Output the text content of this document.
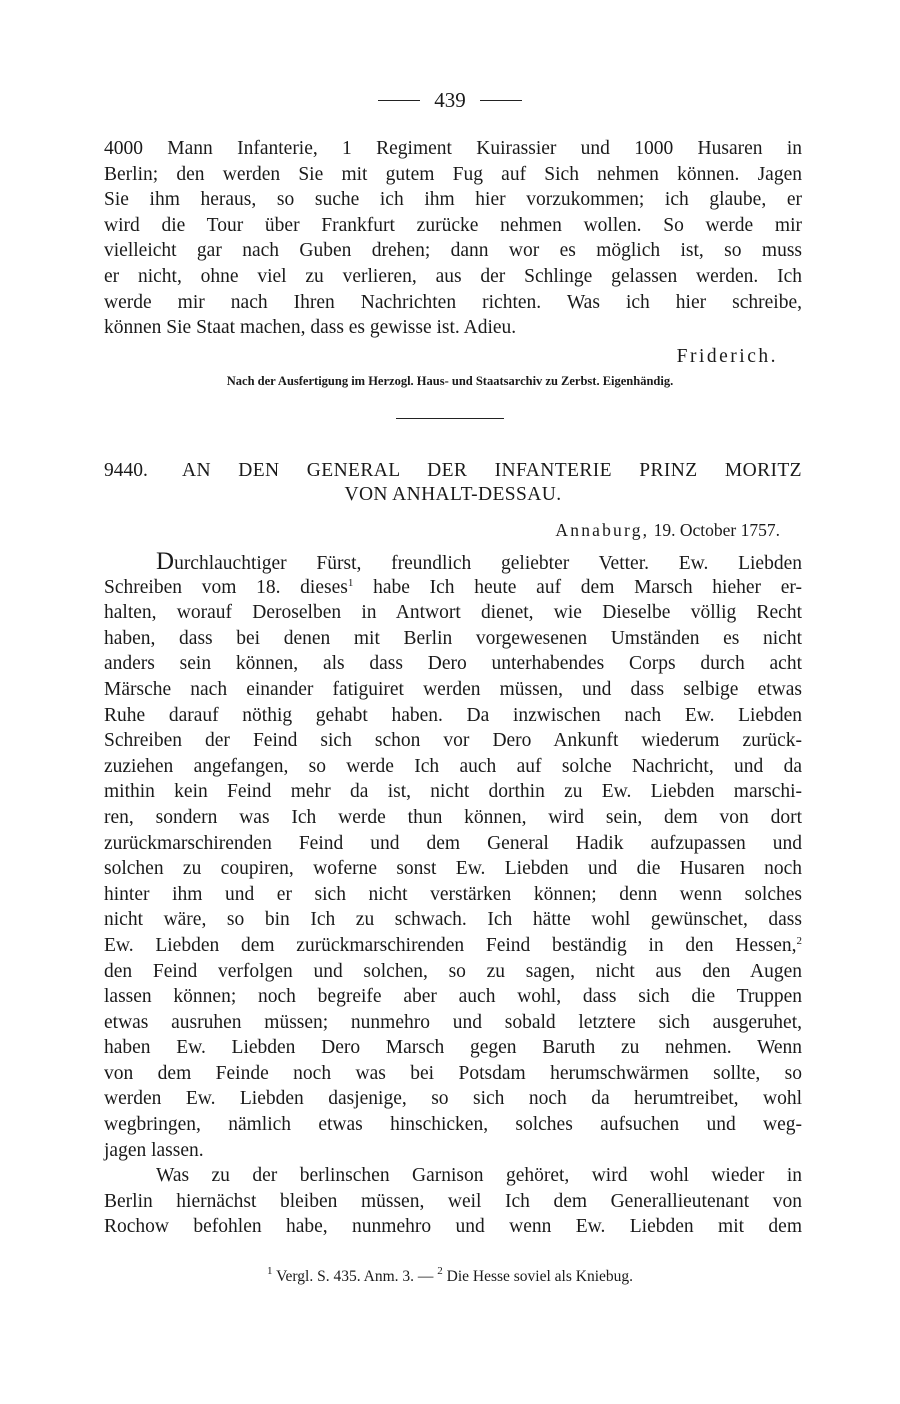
439
4000 Mann Infanterie, 1 Regiment Kuirassier und 1000 Husaren in
Berlin; den werden Sie mit gutem Fug auf Sich nehmen können. Jagen
Sie ihm heraus, so suche ich ihm hier vorzukommen; ich glaube, er
wird die Tour über Frankfurt zurücke nehmen wollen. So werde mir
vielleicht gar nach Guben drehen; dann wor es möglich ist, so muss
er nicht, ohne viel zu verlieren, aus der Schlinge gelassen werden. Ich
werde mir nach Ihren Nachrichten richten. Was ich hier schreibe,
können Sie Staat machen, dass es gewisse ist. Adieu.
Friderich.
Nach der Ausfertigung im Herzogl. Haus- und Staatsarchiv zu Zerbst. Eigenhändig.
9440. AN DEN GENERAL DER INFANTERIE PRINZ MORITZ
VON ANHALT-DESSAU.
Annaburg, 19. October 1757.
Durchlauchtiger Fürst, freundlich geliebter Vetter. Ew. Liebden
Schreiben vom 18. dieses$^1$ habe Ich heute auf dem Marsch hieher er-
halten, worauf Deroselben in Antwort dienet, wie Dieselbe völlig Recht
haben, dass bei denen mit Berlin vorgewesenen Umständen es nicht
anders sein können, als dass Dero unterhabendes Corps durch acht
Märsche nach einander fatiguiret werden müssen, und dass selbige etwas
Ruhe darauf nöthig gehabt haben. Da inzwischen nach Ew. Liebden
Schreiben der Feind sich schon vor Dero Ankunft wiederum zurück-
zuziehen angefangen, so werde Ich auch auf solche Nachricht, und da
mithin kein Feind mehr da ist, nicht dorthin zu Ew. Liebden marschi-
ren, sondern was Ich werde thun können, wird sein, dem von dort
zurückmarschirenden Feind und dem General Hadik aufzupassen und
solchen zu coupiren, woferne sonst Ew. Liebden und die Husaren noch
hinter ihm und er sich nicht verstärken können; denn wenn solches
nicht wäre, so bin Ich zu schwach. Ich hätte wohl gewünschet, dass
Ew. Liebden dem zurückmarschirenden Feind beständig in den Hessen,$^2$
den Feind verfolgen und solchen, so zu sagen, nicht aus den Augen
lassen können; noch begreife aber auch wohl, dass sich die Truppen
etwas ausruhen müssen; nunmehro und sobald letztere sich ausgeruhet,
haben Ew. Liebden Dero Marsch gegen Baruth zu nehmen. Wenn
von dem Feinde noch was bei Potsdam herumschwärmen sollte, so
werden Ew. Liebden dasjenige, so sich noch da herumtreibet, wohl
wegbringen, nämlich etwas hinschicken, solches aufsuchen und weg-
jagen lassen.
Was zu der berlinschen Garnison gehöret, wird wohl wieder in
Berlin hiernächst bleiben müssen, weil Ich dem Generallieutenant von
Rochow befohlen habe, nunmehro und wenn Ew. Liebden mit dem
$^1$ Vergl. S. 435. Anm. 3. — $^2$ Die Hesse soviel als Kniebug.
